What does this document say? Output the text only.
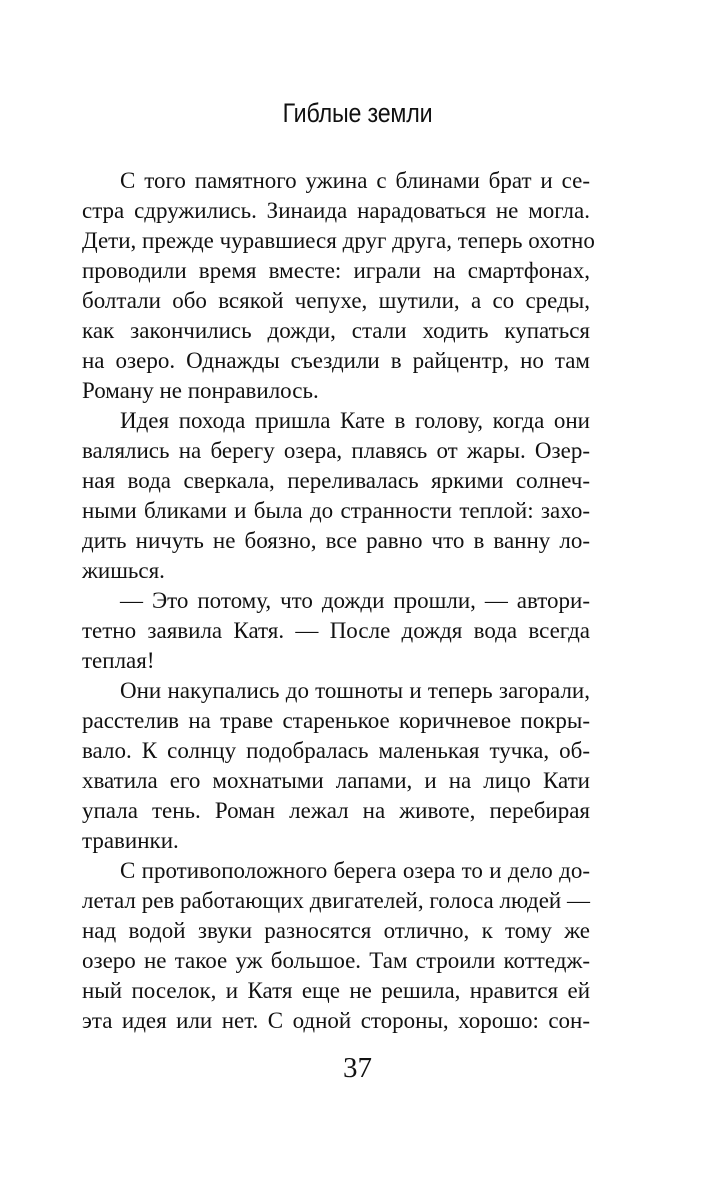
Гиблые земли
С того памятного ужина с блинами брат и се-
стра сдружились. Зинаида нарадоваться не могла.
Дети, прежде чуравшиеся друг друга, теперь охотно
проводили время вместе: играли на смартфонах,
болтали обо всякой чепухе, шутили, а со среды,
как закончились дожди, стали ходить купаться
на озеро. Однажды съездили в райцентр, но там
Роману не понравилось.
Идея похода пришла Кате в голову, когда они
валялись на берегу озера, плавясь от жары. Озер-
ная вода сверкала, переливалась яркими солнеч-
ными бликами и была до странности теплой: захо-
дить ничуть не боязно, все равно что в ванну ло-
жишься.
— Это потому, что дожди прошли, — автори-
тетно заявила Катя. — После дождя вода всегда
теплая!
Они накупались до тошноты и теперь загорали,
расстелив на траве старенькое коричневое покры-
вало. К солнцу подобралась маленькая тучка, об-
хватила его мохнатыми лапами, и на лицо Кати
упала тень. Роман лежал на животе, перебирая
травинки.
С противоположного берега озера то и дело до-
летал рев работающих двигателей, голоса людей —
над водой звуки разносятся отлично, к тому же
озеро не такое уж большое. Там строили коттедж-
ный поселок, и Катя еще не решила, нравится ей
эта идея или нет. С одной стороны, хорошо: сон-
37
